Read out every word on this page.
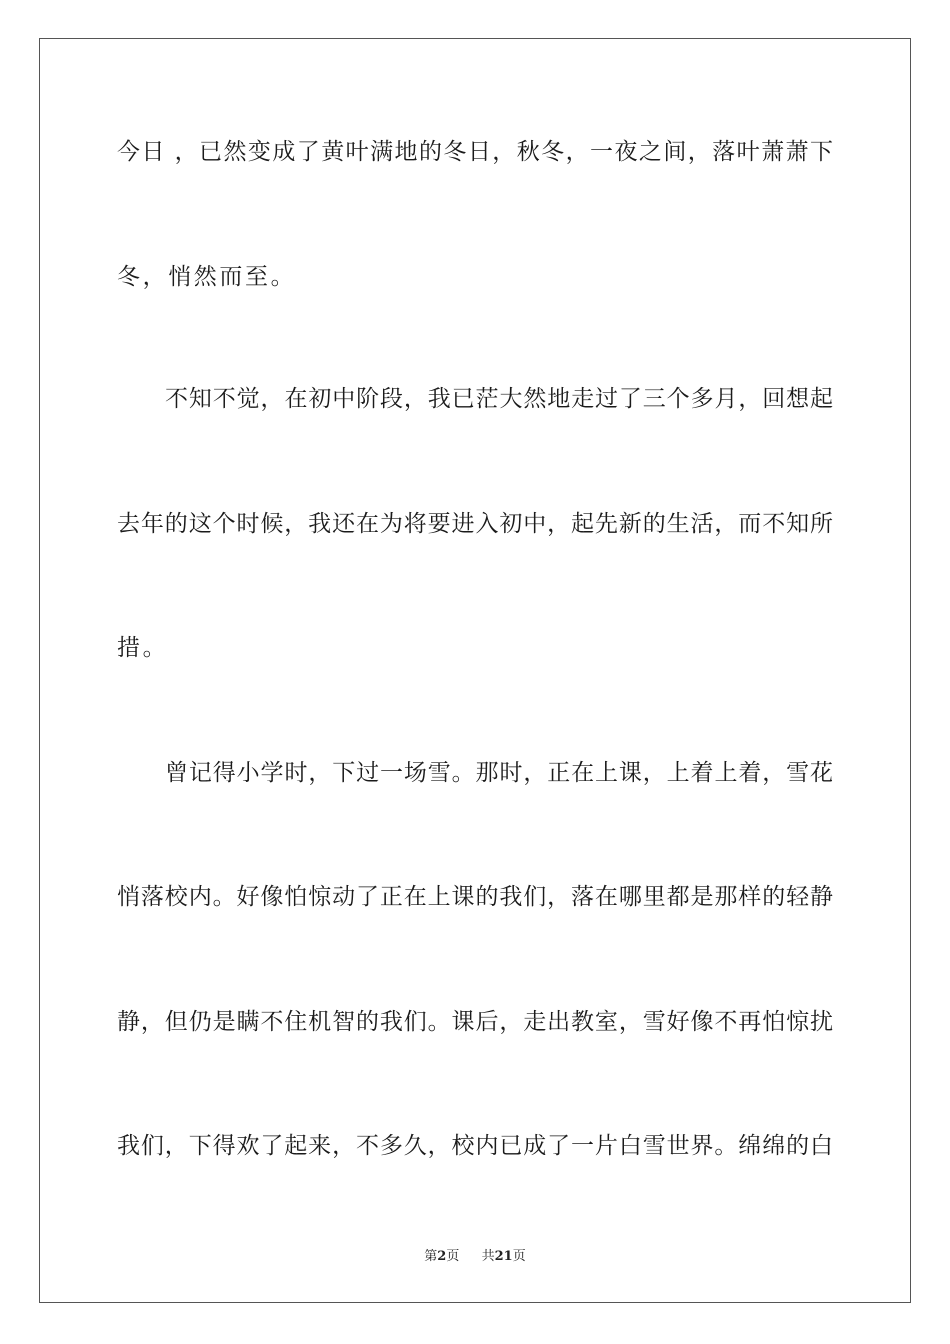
今日 ，已然变成了黄叶满地的冬日，秋冬，一夜之间，落叶萧萧下
冬，悄然而至。
不知不觉，在初中阶段，我已茫大然地走过了三个多月，回想起
去年的这个时候，我还在为将要进入初中，起先新的生活，而不知所
措。
曾记得小学时，下过一场雪。那时，正在上课，上着上着，雪花
悄落校内。好像怕惊动了正在上课的我们，落在哪里都是那样的轻静
静，但仍是瞒不住机智的我们。课后，走出教室，雪好像不再怕惊扰
我们，下得欢了起来，不多久，校内已成了一片白雪世界。绵绵的白
第2页 共21页
